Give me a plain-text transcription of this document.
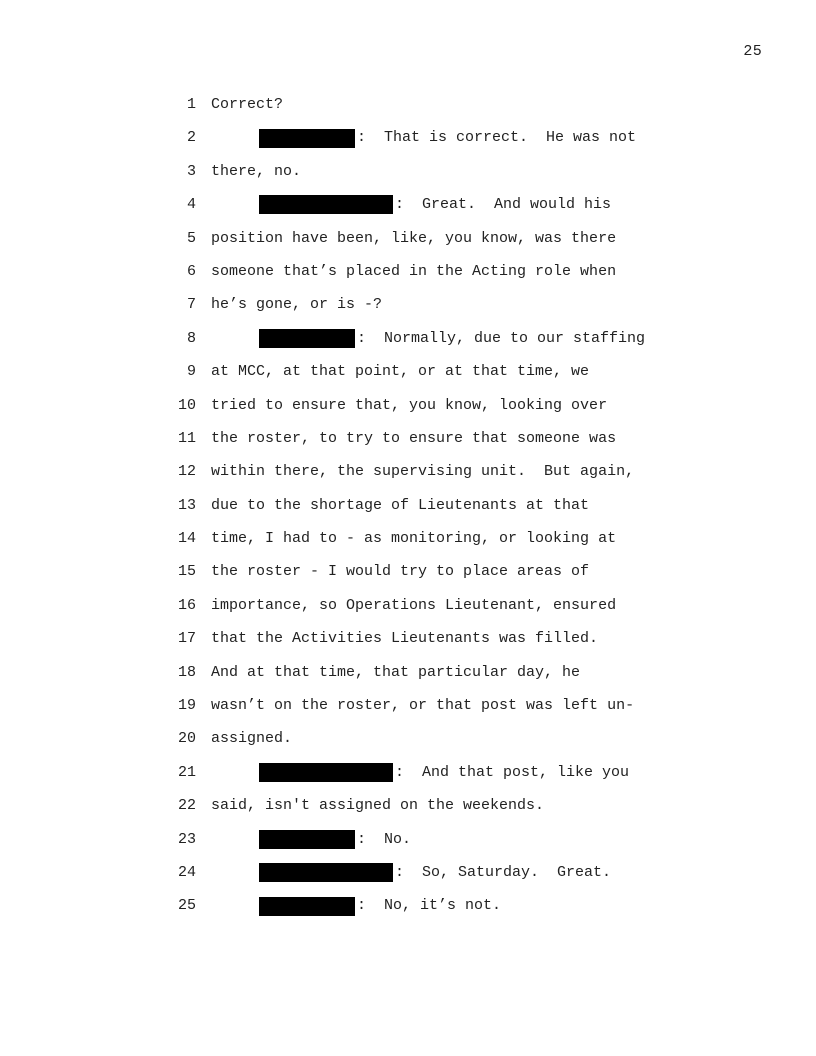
25
1 Correct?
2	:  That is correct.  He was not
3 there, no.
4	:  Great.  And would his
5 position have been, like, you know, was there
6 someone that’s placed in the Acting role when
7 he’s gone, or is -?
8	:  Normally, due to our staffing
9 at MCC, at that point, or at that time, we
10 tried to ensure that, you know, looking over
11 the roster, to try to ensure that someone was
12 within there, the supervising unit.  But again,
13 due to the shortage of Lieutenants at that
14 time, I had to - as monitoring, or looking at
15 the roster - I would try to place areas of
16 importance, so Operations Lieutenant, ensured
17 that the Activities Lieutenants was filled.
18 And at that time, that particular day, he
19 wasn’t on the roster, or that post was left un-
20 assigned.
21	:  And that post, like you
22 said, isn't assigned on the weekends.
23	:  No.
24	:  So, Saturday.  Great.
25	:  No, it’s not.
